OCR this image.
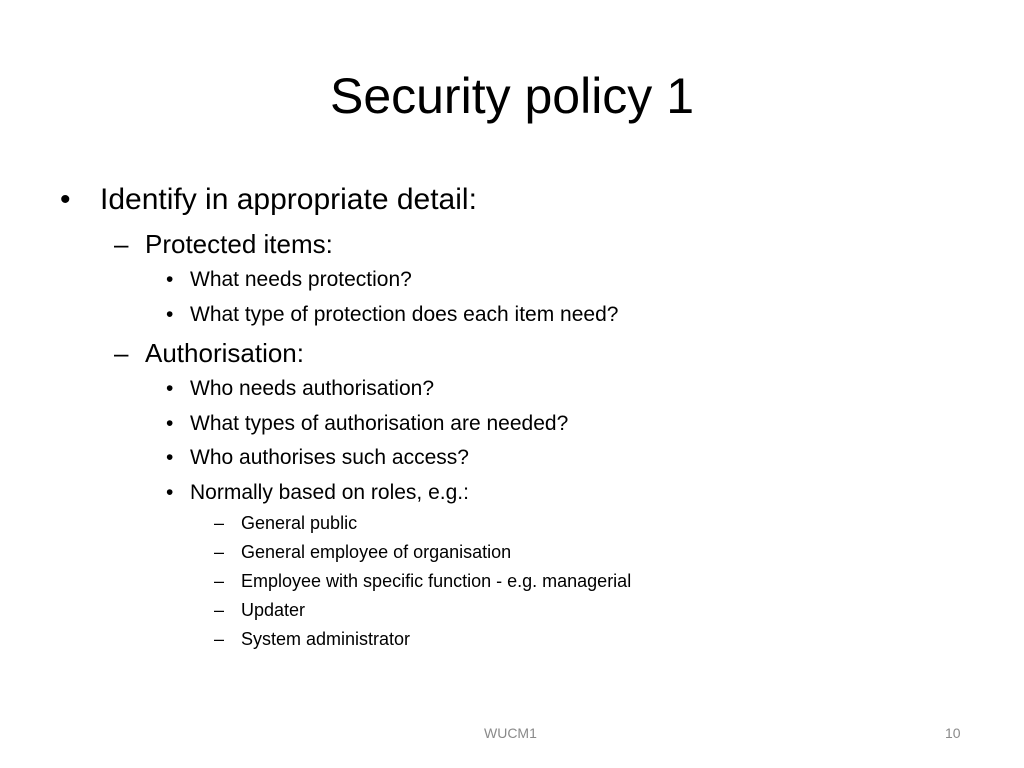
Security policy 1
• Identify in appropriate detail:
– Protected items:
• What needs protection?
• What type of protection does each item need?
– Authorisation:
• Who needs authorisation?
• What types of authorisation are needed?
• Who authorises such access?
• Normally based on roles, e.g.:
– General public
– General employee of organisation
– Employee with specific function - e.g. managerial
– Updater
– System administrator
WUCM1	10
